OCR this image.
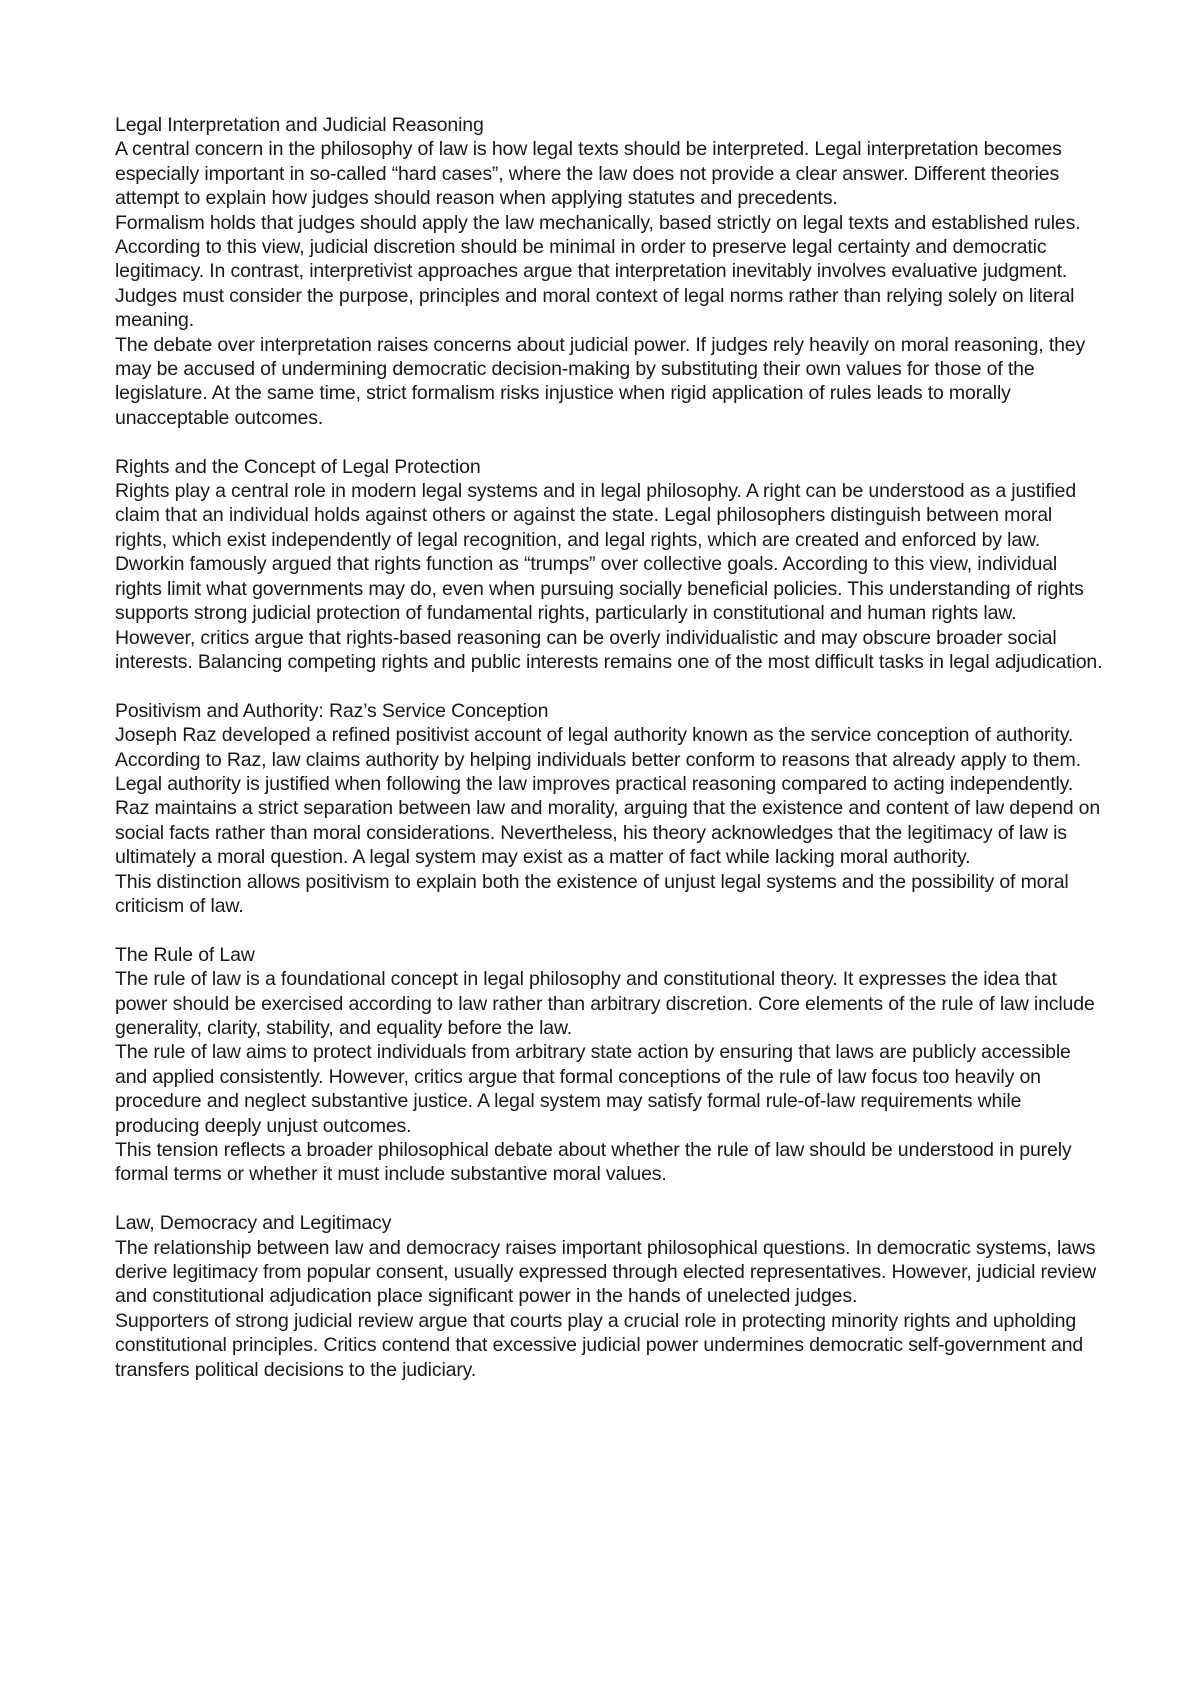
Legal Interpretation and Judicial Reasoning

A central concern in the philosophy of law is how legal texts should be interpreted. Legal interpretation becomes especially important in so-called “hard cases”, where the law does not provide a clear answer. Different theories attempt to explain how judges should reason when applying statutes and precedents.

Formalism holds that judges should apply the law mechanically, based strictly on legal texts and established rules. According to this view, judicial discretion should be minimal in order to preserve legal certainty and democratic legitimacy. In contrast, interpretivist approaches argue that interpretation inevitably involves evaluative judgment. Judges must consider the purpose, principles and moral context of legal norms rather than relying solely on literal meaning.

The debate over interpretation raises concerns about judicial power. If judges rely heavily on moral reasoning, they may be accused of undermining democratic decision-making by substituting their own values for those of the legislature. At the same time, strict formalism risks injustice when rigid application of rules leads to morally unacceptable outcomes.

Rights and the Concept of Legal Protection

Rights play a central role in modern legal systems and in legal philosophy. A right can be understood as a justified claim that an individual holds against others or against the state. Legal philosophers distinguish between moral rights, which exist independently of legal recognition, and legal rights, which are created and enforced by law.

Dworkin famously argued that rights function as “trumps” over collective goals. According to this view, individual rights limit what governments may do, even when pursuing socially beneficial policies. This understanding of rights supports strong judicial protection of fundamental rights, particularly in constitutional and human rights law.

However, critics argue that rights-based reasoning can be overly individualistic and may obscure broader social interests. Balancing competing rights and public interests remains one of the most difficult tasks in legal adjudication.

Positivism and Authority: Raz’s Service Conception

Joseph Raz developed a refined positivist account of legal authority known as the service conception of authority. According to Raz, law claims authority by helping individuals better conform to reasons that already apply to them. Legal authority is justified when following the law improves practical reasoning compared to acting independently.

Raz maintains a strict separation between law and morality, arguing that the existence and content of law depend on social facts rather than moral considerations. Nevertheless, his theory acknowledges that the legitimacy of law is ultimately a moral question. A legal system may exist as a matter of fact while lacking moral authority.

This distinction allows positivism to explain both the existence of unjust legal systems and the possibility of moral criticism of law.

The Rule of Law

The rule of law is a foundational concept in legal philosophy and constitutional theory. It expresses the idea that power should be exercised according to law rather than arbitrary discretion. Core elements of the rule of law include generality, clarity, stability, and equality before the law.

The rule of law aims to protect individuals from arbitrary state action by ensuring that laws are publicly accessible and applied consistently. However, critics argue that formal conceptions of the rule of law focus too heavily on procedure and neglect substantive justice. A legal system may satisfy formal rule-of-law requirements while producing deeply unjust outcomes.

This tension reflects a broader philosophical debate about whether the rule of law should be understood in purely formal terms or whether it must include substantive moral values.

Law, Democracy and Legitimacy

The relationship between law and democracy raises important philosophical questions. In democratic systems, laws derive legitimacy from popular consent, usually expressed through elected representatives. However, judicial review and constitutional adjudication place significant power in the hands of unelected judges.

Supporters of strong judicial review argue that courts play a crucial role in protecting minority rights and upholding constitutional principles. Critics contend that excessive judicial power undermines democratic self-government and transfers political decisions to the judiciary.
